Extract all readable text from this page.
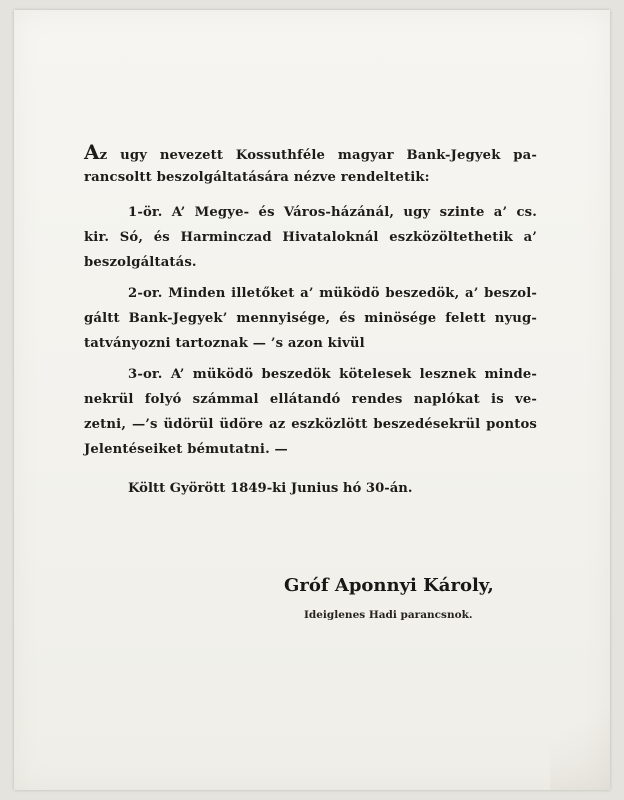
Az ugy nevezett Kossuthféle magyar Bank-Jegyek pa-
rancsoltt beszolgáltatására nézve rendeltetik:
1-ör. A’ Megye- és Város-házánál, ugy szinte a’ cs.
kir. Só, és Harminczad Hivataloknál eszközöltethetik a’
beszolgáltatás.
2-or. Minden illetőket a’ müködö beszedök, a’ beszol-
gáltt Bank-Jegyek’ mennyisége, és minösége felett nyug-
tatványozni tartoznak — ’s azon kivül
3-or. A’ müködö beszedök kötelesek lesznek minde-
nekrül folyó számmal ellátandó rendes naplókat is ve-
zetni, —’s üdörül üdöre az eszközlött beszedésekrül pontos
Jelentéseiket bémutatni. —
Költt Györött 1849-ki Junius hó 30-án.
Gróf Aponnyi Károly,
Ideiglenes Hadi parancsnok.
